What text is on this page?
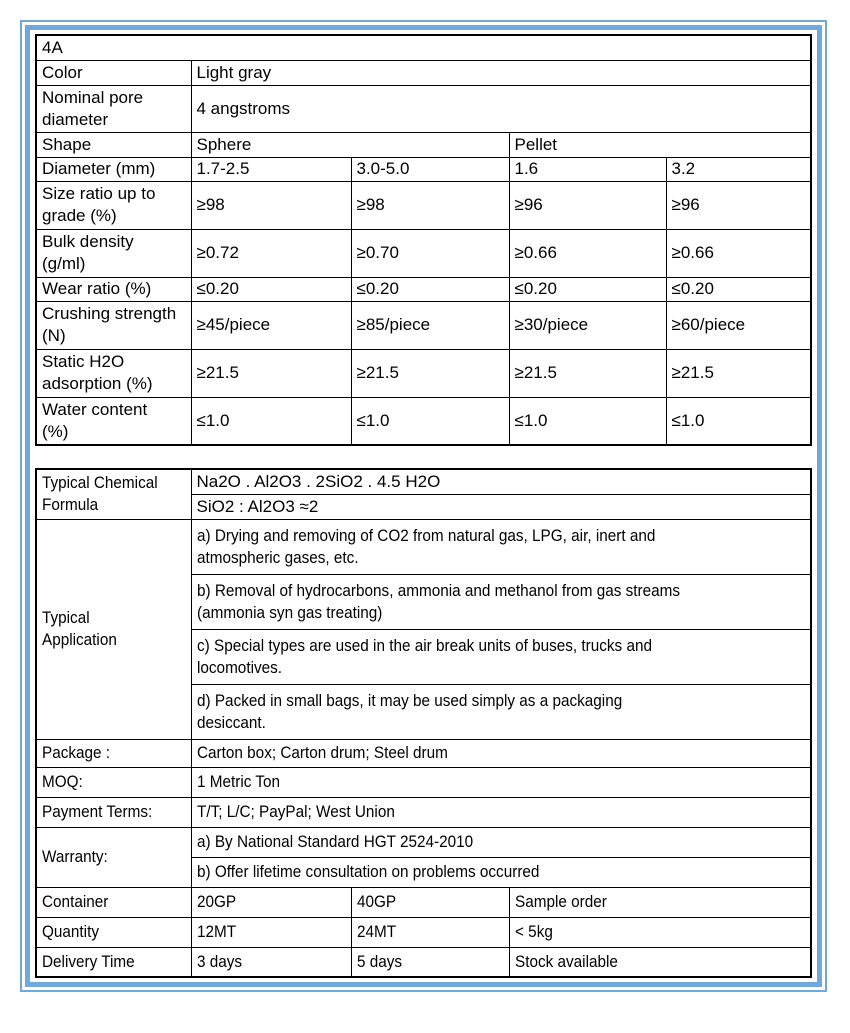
4A				
Color	Light gray			

Nominal pore
diameter	4 angstroms			
Shape	Sphere		Pellet	
Diameter (mm)	1.7-2.5	3.0-5.0	1.6	3.2

Size ratio up to
grade (%)	≥98	≥98	≥96	≥96

Bulk density
(g/ml)	≥0.72	≥0.70	≥0.66	≥0.66
Wear ratio (%)	≤0.20	≤0.20	≤0.20	≤0.20

Crushing strength
(N)	≥45/piece	≥85/piece	≥30/piece	≥60/piece

Static H2O
adsorption (%)	≥21.5	≥21.5	≥21.5	≥21.5

Water content
(%)	≤1.0	≤1.0	≤1.0	≤1.0
Typical Chemical
Formula	Na2O . Al2O3 . 2SiO2 . 4.5 H2O		
	SiO2 : Al2O3 ≈2		

Typical
Application	a) Drying and removing of CO2 from natural gas, LPG, air, inert and
atmospheric gases, etc.		

	b) Removal of hydrocarbons, ammonia and methanol from gas streams
(ammonia syn gas treating)		

	c) Special types are used in the air break units of buses, trucks and
locomotives.		

	d) Packed in small bags, it may be used simply as a packaging
desiccant.		

Package :	Carton box; Carton drum; Steel drum		

MOQ:	1 Metric Ton		

Payment Terms:	T/T; L/C; PayPal; West Union		

Warranty:	a) By National Standard HGT 2524-2010		

	b) Offer lifetime consultation on problems occurred		

Container	20GP	40GP	Sample order

Quantity	12MT	24MT	< 5kg

Delivery Time	3 days	5 days	Stock available
